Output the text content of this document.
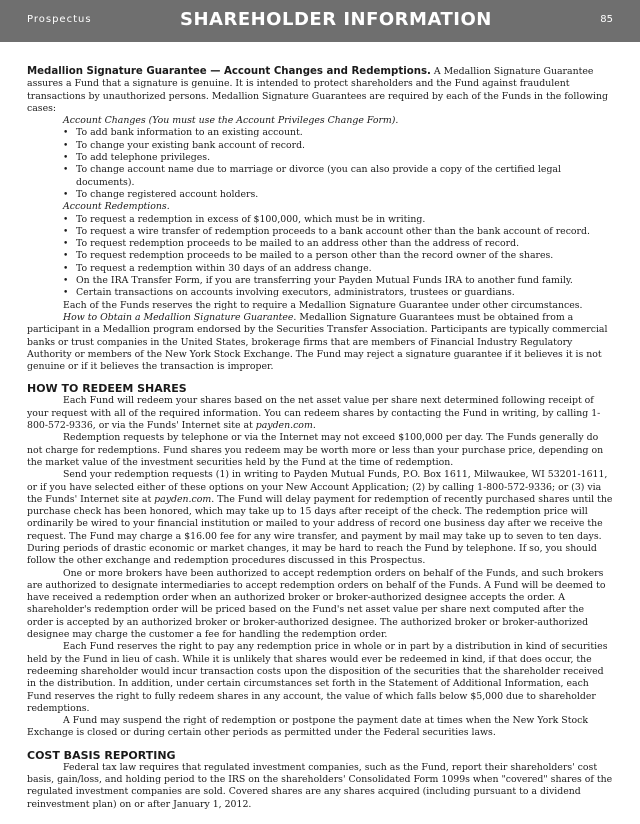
Prospectus	SHAREHOLDER INFORMATION	85

Medallion Signature Guarantee — Account Changes and Redemptions. A Medallion Signature Guarantee assures a Fund that a signature is genuine. It is intended to protect shareholders and the Fund against fraudulent transactions by unauthorized persons. Medallion Signature Guarantees are required by each of the Funds in the following cases:

Account Changes (You must use the Account Privileges Change Form).

• To add bank information to an existing account.
• To change your existing bank account of record.
• To add telephone privileges.
• To change account name due to marriage or divorce (you can also provide a copy of the certified legal documents).
• To change registered account holders.

Account Redemptions.

• To request a redemption in excess of $100,000, which must be in writing.
• To request a wire transfer of redemption proceeds to a bank account other than the bank account of record.
• To request redemption proceeds to be mailed to an address other than the address of record.
• To request redemption proceeds to be mailed to a person other than the record owner of the shares.
• To request a redemption within 30 days of an address change.
• On the IRA Transfer Form, if you are transferring your Payden Mutual Funds IRA to another fund family.
• Certain transactions on accounts involving executors, administrators, trustees or guardians.

Each of the Funds reserves the right to require a Medallion Signature Guarantee under other circumstances.

How to Obtain a Medallion Signature Guarantee. Medallion Signature Guarantees must be obtained from a participant in a Medallion program endorsed by the Securities Transfer Association. Participants are typically commercial banks or trust companies in the United States, brokerage firms that are members of Financial Industry Regulatory Authority or members of the New York Stock Exchange. The Fund may reject a signature guarantee if it believes it is not genuine or if it believes the transaction is improper.

HOW TO REDEEM SHARES

Each Fund will redeem your shares based on the net asset value per share next determined following receipt of your request with all of the required information. You can redeem shares by contacting the Fund in writing, by calling 1-800-572-9336, or via the Funds' Internet site at payden.com.

Redemption requests by telephone or via the Internet may not exceed $100,000 per day. The Funds generally do not charge for redemptions. Fund shares you redeem may be worth more or less than your purchase price, depending on the market value of the investment securities held by the Fund at the time of redemption.

Send your redemption requests (1) in writing to Payden Mutual Funds, P.O. Box 1611, Milwaukee, WI 53201-1611, or if you have selected either of these options on your New Account Application; (2) by calling 1-800-572-9336; or (3) via the Funds' Internet site at payden.com. The Fund will delay payment for redemption of recently purchased shares until the purchase check has been honored, which may take up to 15 days after receipt of the check. The redemption price will ordinarily be wired to your financial institution or mailed to your address of record one business day after we receive the request. The Fund may charge a $16.00 fee for any wire transfer, and payment by mail may take up to seven to ten days. During periods of drastic economic or market changes, it may be hard to reach the Fund by telephone. If so, you should follow the other exchange and redemption procedures discussed in this Prospectus.

One or more brokers have been authorized to accept redemption orders on behalf of the Funds, and such brokers are authorized to designate intermediaries to accept redemption orders on behalf of the Funds. A Fund will be deemed to have received a redemption order when an authorized broker or broker-authorized designee accepts the order. A shareholder's redemption order will be priced based on the Fund's net asset value per share next computed after the order is accepted by an authorized broker or broker-authorized designee. The authorized broker or broker-authorized designee may charge the customer a fee for handling the redemption order.

Each Fund reserves the right to pay any redemption price in whole or in part by a distribution in kind of securities held by the Fund in lieu of cash. While it is unlikely that shares would ever be redeemed in kind, if that does occur, the redeeming shareholder would incur transaction costs upon the disposition of the securities that the shareholder received in the distribution. In addition, under certain circumstances set forth in the Statement of Additional Information, each Fund reserves the right to fully redeem shares in any account, the value of which falls below $5,000 due to shareholder redemptions.

A Fund may suspend the right of redemption or postpone the payment date at times when the New York Stock Exchange is closed or during certain other periods as permitted under the Federal securities laws.

COST BASIS REPORTING

Federal tax law requires that regulated investment companies, such as the Fund, report their shareholders' cost basis, gain/loss, and holding period to the IRS on the shareholders' Consolidated Form 1099s when "covered" shares of the regulated investment companies are sold. Covered shares are any shares acquired (including pursuant to a dividend reinvestment plan) on or after January 1, 2012.
